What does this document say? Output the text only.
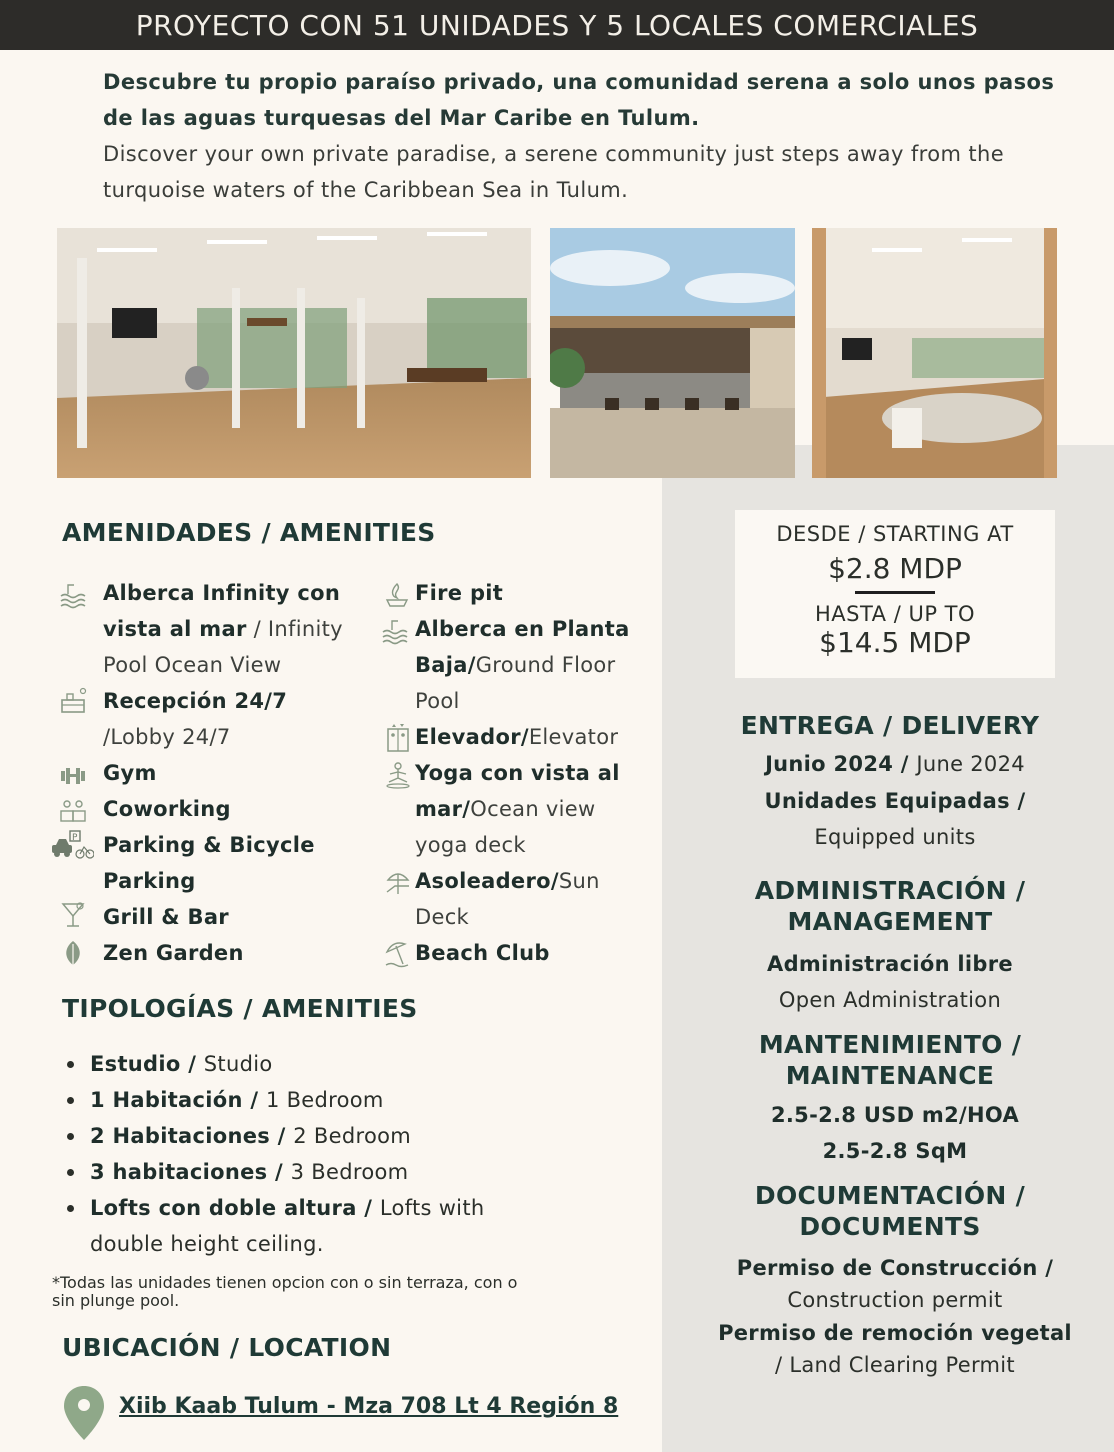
PROYECTO CON 51 UNIDADES Y 5 LOCALES COMERCIALES
Descubre tu propio paraíso privado, una comunidad serena a solo unos pasos de las aguas turquesas del Mar Caribe en Tulum.
Discover your own private paradise, a serene community just steps away from the turquoise waters of the Caribbean Sea in Tulum.
AMENIDADES / AMENITIES
P
Alberca Infinity con vista al mar / Infinity Pool Ocean View
Recepción 24/7
/Lobby 24/7
Gym
Coworking
Parking & Bicycle Parking
Grill & Bar
Zen Garden
Fire pit
Alberca en Planta Baja/Ground Floor Pool
Elevador/Elevator
Yoga con vista al mar/Ocean view yoga deck
Asoleadero/Sun Deck
Beach Club
TIPOLOGÍAS / AMENITIES
Estudio / Studio
1 Habitación / 1 Bedroom
2 Habitaciones / 2 Bedroom
3 habitaciones / 3 Bedroom
Lofts con doble altura / Lofts with double height ceiling.
*Todas las unidades tienen opcion con o sin terraza, con o sin plunge pool.
UBICACIÓN / LOCATION
Xiib Kaab Tulum - Mza 708 Lt 4 Región 8
DESDE / STARTING AT
$2.8 MDP
HASTA / UP TO
$14.5 MDP
ENTREGA / DELIVERY
Junio 2024 / June 2024
Unidades Equipadas /
Equipped units
ADMINISTRACIÓN /
MANAGEMENT
Administración libre
Open Administration
MANTENIMIENTO /
MAINTENANCE
2.5-2.8 USD m2/HOA
2.5-2.8 SqM
DOCUMENTACIÓN /
DOCUMENTS
Permiso de Construcción /
Construction permit
Permiso de remoción vegetal
/ Land Clearing Permit
